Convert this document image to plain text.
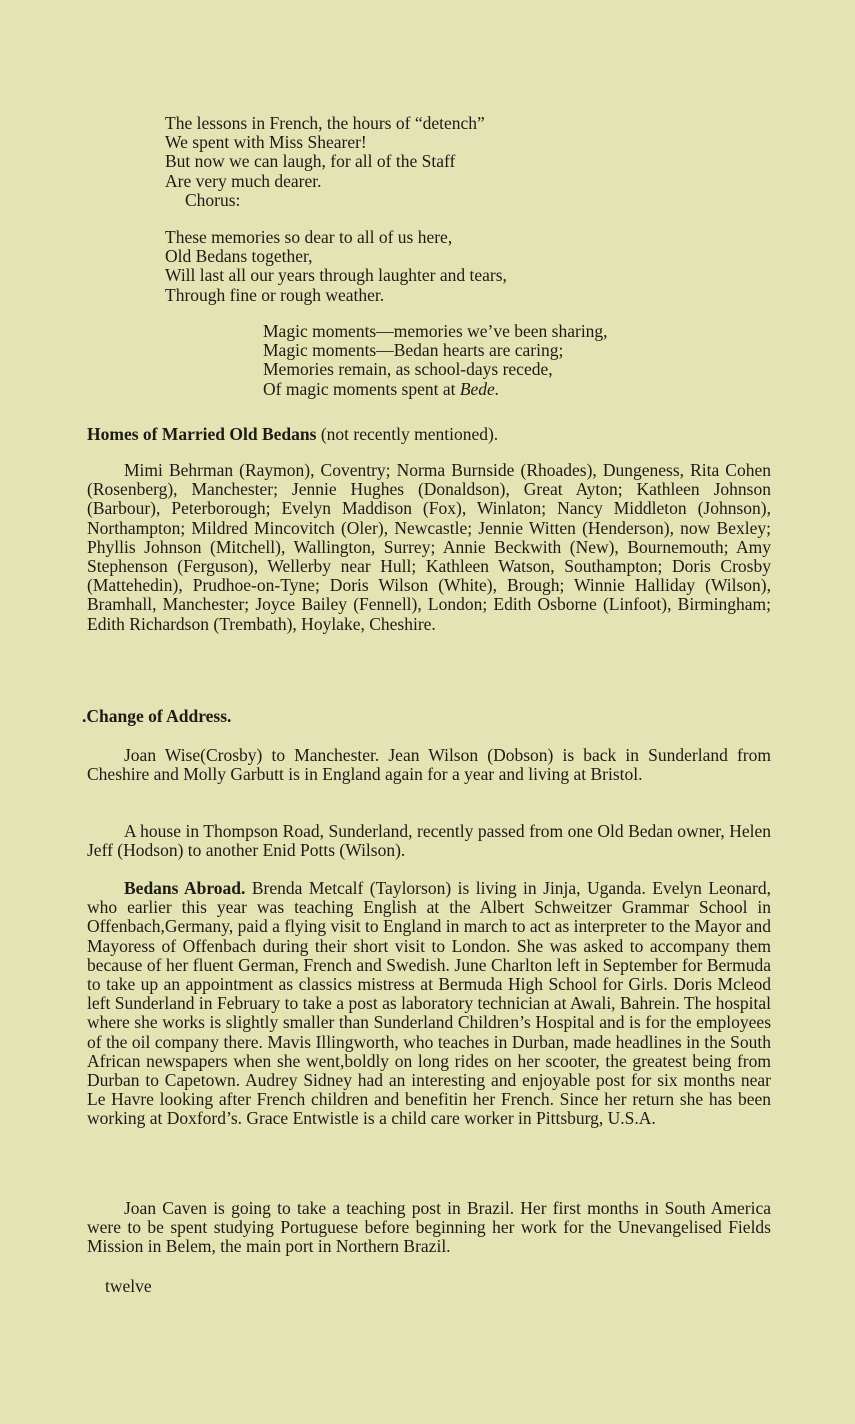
The lessons in French, the hours of “detench”
We spent with Miss Shearer!
But now we can laugh, for all of the Staff
Are very much dearer.
Chorus:
These memories so dear to all of us here,
Old Bedans together,
Will last all our years through laughter and tears,
Through fine or rough weather.
Magic moments—memories we’ve been sharing,
Magic moments—Bedan hearts are caring;
Memories remain, as school-days recede,
Of magic moments spent at Bede.
Homes of Married Old Bedans (not recently mentioned).

Mimi Behrman (Raymon), Coventry; Norma Burnside (Rhoades), Dungeness, Rita Cohen (Rosenberg), Manchester; Jennie Hughes (Donaldson), Great Ayton; Kathleen Johnson (Barbour), Peterborough; Evelyn Maddison (Fox), Winlaton; Nancy Middleton (Johnson), Northampton; Mildred Mincovitch (Oler), Newcastle; Jennie Witten (Henderson), now Bexley; Phyllis Johnson (Mitchell), Wallington, Surrey; Annie Beckwith (New), Bournemouth; Amy Stephenson (Ferguson), Wellerby near Hull; Kathleen Watson, Southampton; Doris Crosby (Mattehedin), Prudhoe-on-Tyne; Doris Wilson (White), Brough; Winnie Halliday (Wilson), Bramhall, Manchester; Joyce Bailey (Fennell), London; Edith Osborne (Linfoot), Birmingham; Edith Richardson (Trembath), Hoylake, Cheshire.

.Change of Address.

Joan Wise(Crosby) to Manchester. Jean Wilson (Dobson) is back in Sunderland from Cheshire and Molly Garbutt is in England again for a year and living at Bristol.

A house in Thompson Road, Sunderland, recently passed from one Old Bedan owner, Helen Jeff (Hodson) to another Enid Potts (Wilson).

Bedans Abroad. Brenda Metcalf (Taylorson) is living in Jinja, Uganda. Evelyn Leonard, who earlier this year was teaching English at the Albert Schweitzer Grammar School in Offenbach,Germany, paid a flying visit to England in march to act as interpreter to the Mayor and Mayoress of Offenbach during their short visit to London. She was asked to accompany them because of her fluent German, French and Swedish. June Charlton left in September for Bermuda to take up an appointment as classics mistress at Bermuda High School for Girls. Doris Mcleod left Sunderland in February to take a post as laboratory technician at Awali, Bahrein. The hospital where she works is slightly smaller than Sunderland Children’s Hospital and is for the employees of the oil company there. Mavis Illingworth, who teaches in Durban, made headlines in the South African newspapers when she went,boldly on long rides on her scooter, the greatest being from Durban to Capetown. Audrey Sidney had an interesting and enjoyable post for six months near Le Havre looking after French children and benefitin her French. Since her return she has been working at Doxford’s. Grace Entwistle is a child care worker in Pittsburg, U.S.A.

Joan Caven is going to take a teaching post in Brazil. Her first months in South America were to be spent studying Portuguese before beginning her work for the Unevangelised Fields Mission in Belem, the main port in Northern Brazil.

twelve
